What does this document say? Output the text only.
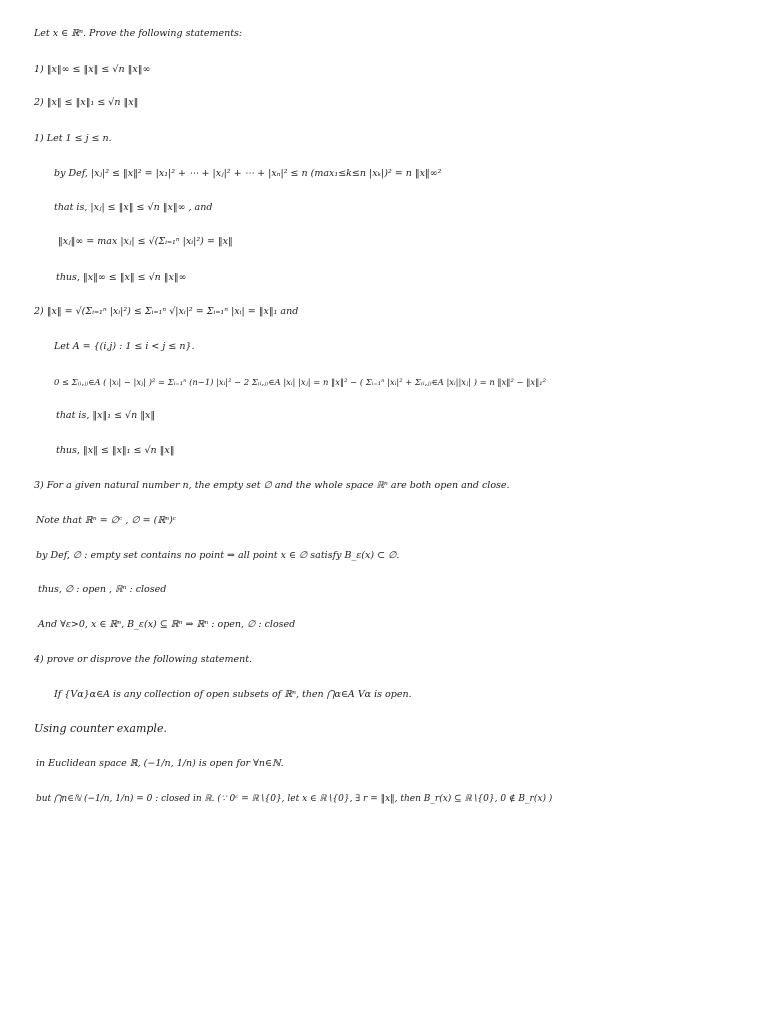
Let x ∈ ℝⁿ. Prove the following statements:
1) ‖x‖∞ ≤ ‖x‖ ≤ √n ‖x‖∞
2) ‖x‖ ≤ ‖x‖₁ ≤ √n ‖x‖
1) Let 1 ≤ j ≤ n.
by Def, |xⱼ|² ≤ ‖x‖² = |x₁|² + ⋯ + |xⱼ|² + ⋯ + |xₙ|² ≤ n (max₁≤k≤n |xₖ|)² = n ‖x‖∞²
that is, |xⱼ| ≤ ‖x‖ ≤ √n ‖x‖∞ , and
‖xⱼ‖∞ = max |xⱼ| ≤ √(Σᵢ₌₁ⁿ |xᵢ|²) = ‖x‖
thus, ‖x‖∞ ≤ ‖x‖ ≤ √n ‖x‖∞
2) ‖x‖ = √(Σᵢ₌₁ⁿ |xᵢ|²) ≤ Σᵢ₌₁ⁿ √|xᵢ|² = Σᵢ₌₁ⁿ |xᵢ| = ‖x‖₁ and
Let A = {(i,j) : 1 ≤ i < j ≤ n}.
0 ≤ Σ₍ᵢ,ⱼ₎∈A ( |xᵢ| − |xⱼ| )² = Σᵢ₌₁ⁿ (n−1) |xᵢ|² − 2 Σ₍ᵢ,ⱼ₎∈A |xᵢ| |xⱼ| = n ‖x‖² − ( Σᵢ₌₁ⁿ |xᵢ|² + Σ₍ᵢ,ⱼ₎∈A |xᵢ||xⱼ| ) = n ‖x‖² − ‖x‖₁²
that is, ‖x‖₁ ≤ √n ‖x‖
thus, ‖x‖ ≤ ‖x‖₁ ≤ √n ‖x‖
3) For a given natural number n, the empty set ∅ and the whole space ℝⁿ are both open and close.
Note that ℝⁿ = ∅ᶜ , ∅ = (ℝⁿ)ᶜ
by Def, ∅ : empty set contains no point ⇒ all point x ∈ ∅ satisfy B_ε(x) ⊂ ∅.
thus, ∅ : open , ℝⁿ : closed
And ∀ε>0, x ∈ ℝⁿ, B_ε(x) ⊆ ℝⁿ ⇒ ℝⁿ : open, ∅ : closed
4) prove or disprove the following statement.
If {Vα}α∈A is any collection of open subsets of ℝⁿ, then ⋂α∈A Vα is open.
Using counter example.
in Euclidean space ℝ, (−1/n, 1/n) is open for ∀n∈ℕ.
but ⋂n∈ℕ (−1/n, 1/n) = 0 : closed in ℝ. (∵ 0ᶜ = ℝ∖{0}, let x ∈ ℝ∖{0}, ∃ r = ‖x‖, then B_r(x) ⊆ ℝ∖{0}, 0 ∉ B_r(x) )
